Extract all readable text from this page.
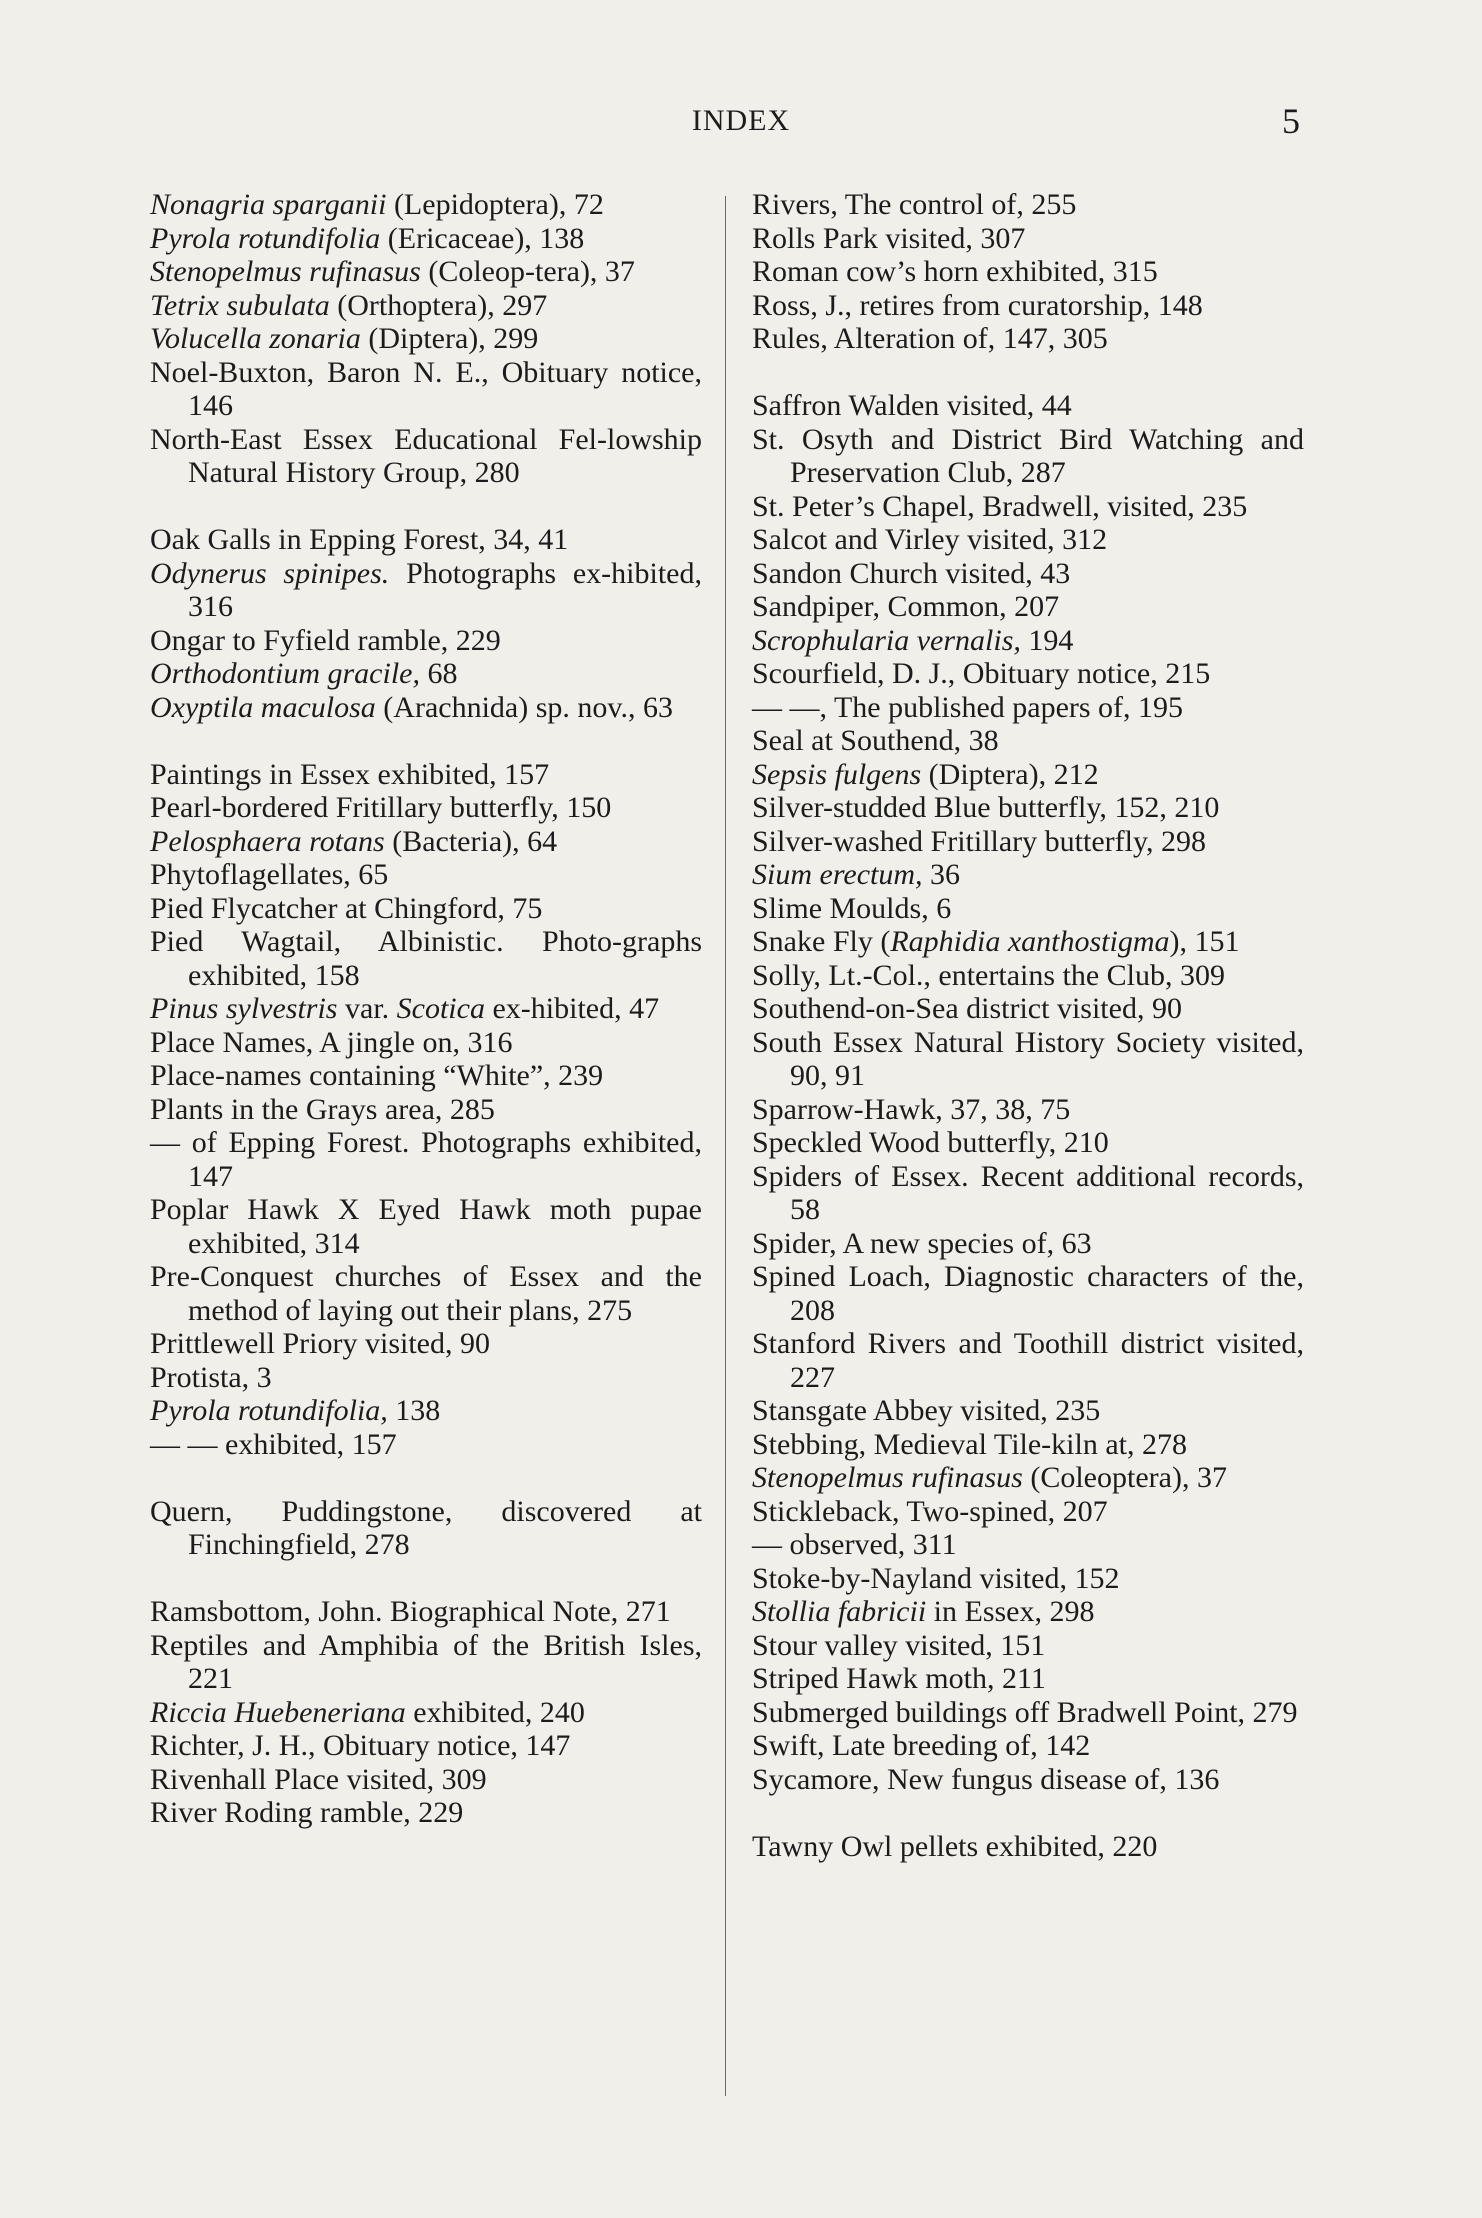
INDEX	5

Nonagria sparganii (Lepidoptera), 72

Pyrola rotundifolia (Ericaceae), 138

Stenopelmus rufinasus (Coleop-tera), 37

Tetrix subulata (Orthoptera), 297

Volucella zonaria (Diptera), 299

Noel-Buxton, Baron N. E., Obituary notice, 146

North-East Essex Educational Fel-lowship Natural History Group, 280

Oak Galls in Epping Forest, 34, 41

Odynerus spinipes. Photographs ex-hibited, 316

Ongar to Fyfield ramble, 229

Orthodontium gracile, 68

Oxyptila maculosa (Arachnida) sp. nov., 63

Paintings in Essex exhibited, 157

Pearl-bordered Fritillary butterfly, 150

Pelosphaera rotans (Bacteria), 64

Phytoflagellates, 65

Pied Flycatcher at Chingford, 75

Pied Wagtail, Albinistic. Photo-graphs exhibited, 158

Pinus sylvestris var. Scotica ex-hibited, 47

Place Names, A jingle on, 316

Place-names containing “White”, 239

Plants in the Grays area, 285

— of Epping Forest. Photographs exhibited, 147

Poplar Hawk X Eyed Hawk moth pupae exhibited, 314

Pre-Conquest churches of Essex and the method of laying out their plans, 275

Prittlewell Priory visited, 90

Protista, 3

Pyrola rotundifolia, 138

— — exhibited, 157

Quern, Puddingstone, discovered at Finchingfield, 278

Ramsbottom, John. Biographical Note, 271

Reptiles and Amphibia of the British Isles, 221

Riccia Huebeneriana exhibited, 240

Richter, J. H., Obituary notice, 147

Rivenhall Place visited, 309

River Roding ramble, 229

Rivers, The control of, 255

Rolls Park visited, 307

Roman cow’s horn exhibited, 315

Ross, J., retires from curatorship, 148

Rules, Alteration of, 147, 305

Saffron Walden visited, 44

St. Osyth and District Bird Watching and Preservation Club, 287

St. Peter’s Chapel, Bradwell, visited, 235

Salcot and Virley visited, 312

Sandon Church visited, 43

Sandpiper, Common, 207

Scrophularia vernalis, 194

Scourfield, D. J., Obituary notice, 215

— —, The published papers of, 195

Seal at Southend, 38

Sepsis fulgens (Diptera), 212

Silver-studded Blue butterfly, 152, 210

Silver-washed Fritillary butterfly, 298

Sium erectum, 36

Slime Moulds, 6

Snake Fly (Raphidia xanthostigma), 151

Solly, Lt.-Col., entertains the Club, 309

Southend-on-Sea district visited, 90

South Essex Natural History Society visited, 90, 91

Sparrow-Hawk, 37, 38, 75

Speckled Wood butterfly, 210

Spiders of Essex. Recent additional records, 58

Spider, A new species of, 63

Spined Loach, Diagnostic characters of the, 208

Stanford Rivers and Toothill district visited, 227

Stansgate Abbey visited, 235

Stebbing, Medieval Tile-kiln at, 278

Stenopelmus rufinasus (Coleoptera), 37

Stickleback, Two-spined, 207

— observed, 311

Stoke-by-Nayland visited, 152

Stollia fabricii in Essex, 298

Stour valley visited, 151

Striped Hawk moth, 211

Submerged buildings off Bradwell Point, 279

Swift, Late breeding of, 142

Sycamore, New fungus disease of, 136

Tawny Owl pellets exhibited, 220
